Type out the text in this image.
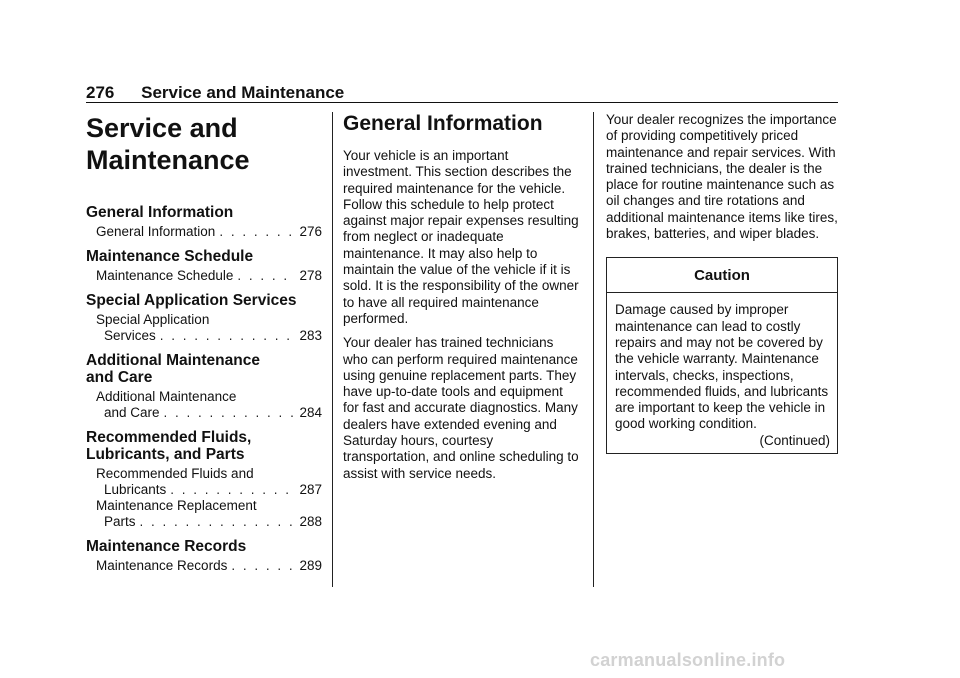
276 Service and Maintenance
Service and
Maintenance
General Information
General Information . . .	276
Maintenance Schedule
Maintenance Schedule . . .	278
Special Application Services
Special Application
Services . . .	283
Additional Maintenance
and Care
Additional Maintenance
and Care . . .	284
Recommended Fluids,
Lubricants, and Parts
Recommended Fluids and
Lubricants . . .	287
Maintenance Replacement
Parts . . .	288
Maintenance Records
Maintenance Records . . .	289
General Information

Your vehicle is an important investment. This section describes the required maintenance for the vehicle. Follow this schedule to help protect against major repair expenses resulting from neglect or inadequate maintenance. It may also help to maintain the value of the vehicle if it is sold. It is the responsibility of the owner to have all required maintenance performed.

Your dealer has trained technicians who can perform required maintenance using genuine replacement parts. They have up-to-date tools and equipment for fast and accurate diagnostics. Many dealers have extended evening and Saturday hours, courtesy transportation, and online scheduling to assist with service needs.

Your dealer recognizes the importance of providing competitively priced maintenance and repair services. With trained technicians, the dealer is the place for routine maintenance such as oil changes and tire rotations and additional maintenance items like tires, brakes, batteries, and wiper blades.

Caution
Damage caused by improper maintenance can lead to costly repairs and may not be covered by the vehicle warranty. Maintenance intervals, checks, inspections, recommended fluids, and lubricants are important to keep the vehicle in good working condition.
(Continued)
carmanualsonline.info
